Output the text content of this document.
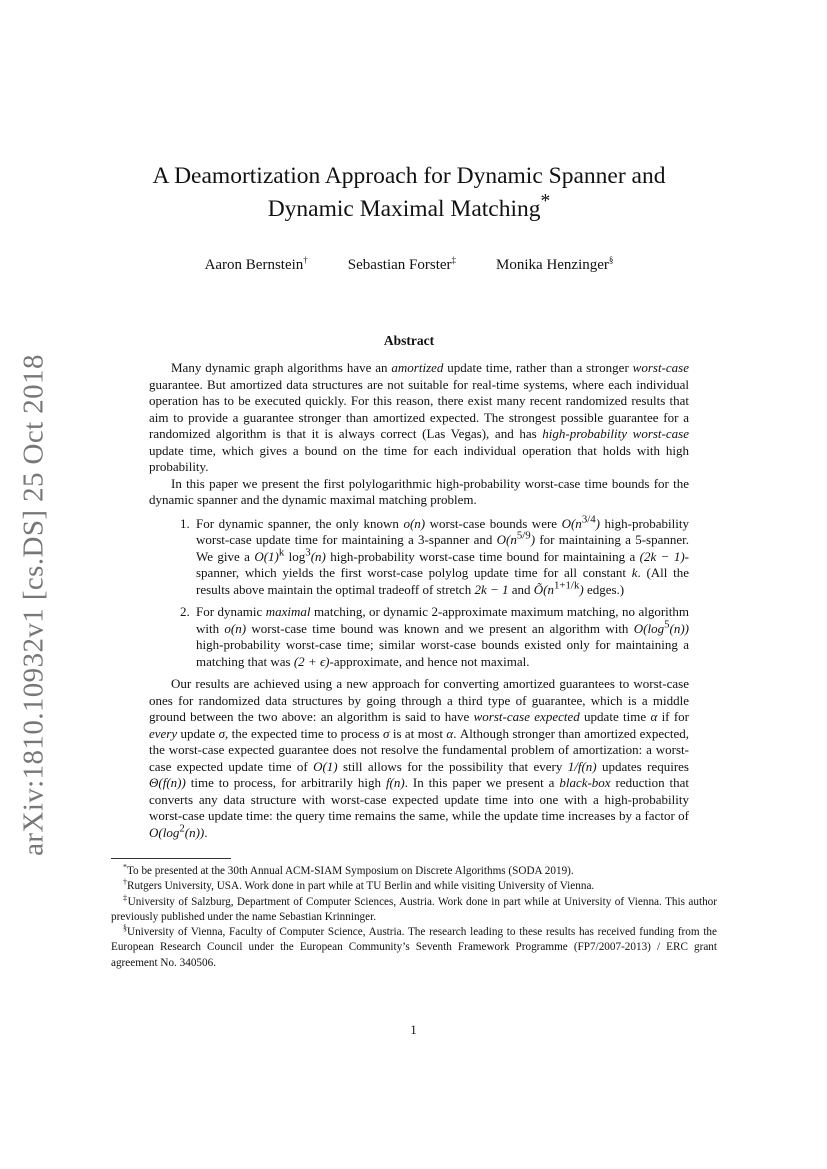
arXiv:1810.10932v1 [cs.DS] 25 Oct 2018
A Deamortization Approach for Dynamic Spanner and
Dynamic Maximal Matching*
Aaron Bernstein†	Sebastian Forster‡	Monika Henzinger§
Abstract

Many dynamic graph algorithms have an amortized update time, rather than a stronger worst-case guarantee. But amortized data structures are not suitable for real-time systems, where each individual operation has to be executed quickly. For this reason, there exist many recent randomized results that aim to provide a guarantee stronger than amortized expected. The strongest possible guarantee for a randomized algorithm is that it is always correct (Las Vegas), and has high-probability worst-case update time, which gives a bound on the time for each individual operation that holds with high probability.

In this paper we present the first polylogarithmic high-probability worst-case time bounds for the dynamic spanner and the dynamic maximal matching problem.

1. For dynamic spanner, the only known o(n) worst-case bounds were $O(n^{3/4})$ high-probability worst-case update time for maintaining a 3-spanner and $O(n^{5/9})$ for maintaining a 5-spanner. We give a $O(1)^k$ $\log^3(n)$ high-probability worst-case time bound for maintaining a (2k − 1)-spanner, which yields the first worst-case polylog update time for all constant k. (All the results above maintain the optimal tradeoff of stretch 2k − 1 and $Õ(n^{1+1/k})$ edges.)
2. For dynamic maximal matching, or dynamic 2-approximate maximum matching, no algorithm with o(n) worst-case time bound was known and we present an algorithm with $O(\log^5(n))$ high-probability worst-case time; similar worst-case bounds existed only for maintaining a matching that was (2 + ϵ)-approximate, and hence not maximal.

Our results are achieved using a new approach for converting amortized guarantees to worst-case ones for randomized data structures by going through a third type of guarantee, which is a middle ground between the two above: an algorithm is said to have worst-case expected update time α if for every update σ, the expected time to process σ is at most α. Although stronger than amortized expected, the worst-case expected guarantee does not resolve the fundamental problem of amortization: a worst-case expected update time of O(1) still allows for the possibility that every 1/f(n) updates requires Θ(f(n)) time to process, for arbitrarily high f(n). In this paper we present a black-box reduction that converts any data structure with worst-case expected update time into one with a high-probability worst-case update time: the query time remains the same, while the update time increases by a factor of $O(\log^2(n))$.

*To be presented at the 30th Annual ACM-SIAM Symposium on Discrete Algorithms (SODA 2019).

†Rutgers University, USA. Work done in part while at TU Berlin and while visiting University of Vienna.

‡University of Salzburg, Department of Computer Sciences, Austria. Work done in part while at University of Vienna. This author previously published under the name Sebastian Krinninger.

§University of Vienna, Faculty of Computer Science, Austria. The research leading to these results has received funding from the European Research Council under the European Community’s Seventh Framework Programme (FP7/2007-2013) / ERC grant agreement No. 340506.

1
